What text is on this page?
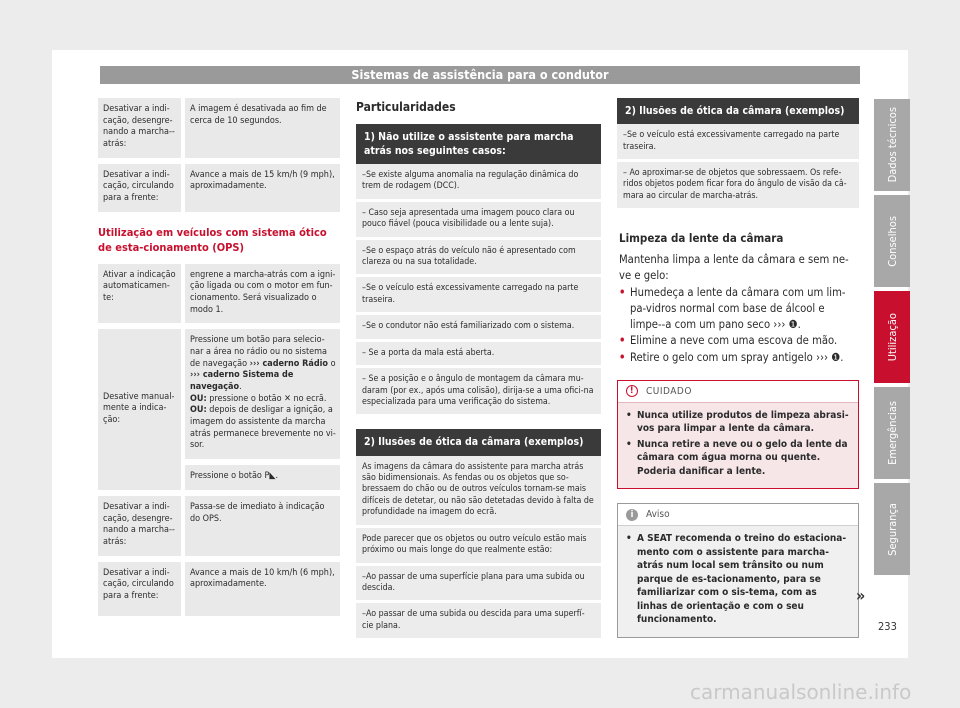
Sistemas de assistência para o condutor
Desativar a indi-cação, desengre-nando a marcha--atrás:	A imagem é desativada ao fim de cerca de 10 segundos.
Desativar a indi-cação, circulando para a frente:	Avance a mais de 15 km/h (9 mph), aproximadamente.
Utilização em veículos com sistema ótico de esta-cionamento (OPS)
Ativar a indicação automaticamen-te:	engrene a marcha-atrás com a igni-ção ligada ou com o motor em fun-cionamento. Será visualizado o modo 1.
Desative manual-mente a indica-ção:	Pressione um botão para selecio-nar a área no rádio ou no sistema de navegação ››› caderno Rádio o ››› caderno Sistema de navegação.
OU: pressione o botão ✕ no ecrã.
OU: depois de desligar a ignição, a imagem do assistente da marcha atrás permanece brevemente no vi-sor.
	Pressione o botão P◣.
Desativar a indi-cação, desengre-nando a marcha--atrás:	Passa-se de imediato à indicação do OPS.
Desativar a indi-cação, circulando para a frente:	Avance a mais de 10 km/h (6 mph), aproximadamente.
Particularidades
1) Não utilize o assistente para marcha atrás nos seguintes casos:
–Se existe alguma anomalia na regulação dinâmica do trem de rodagem (DCC).
– Caso seja apresentada uma imagem pouco clara ou pouco fiável (pouca visibilidade ou a lente suja).
–Se o espaço atrás do veículo não é apresentado com clareza ou na sua totalidade.
–Se o veículo está excessivamente carregado na parte traseira.
–Se o condutor não está familiarizado com o sistema.
– Se a porta da mala está aberta.
– Se a posição e o ângulo de montagem da câmara mu-daram (por ex., após uma colisão), dirija-se a uma ofici-na especializada para uma verificação do sistema.
2) Ilusões de ótica da câmara (exemplos)
As imagens da câmara do assistente para marcha atrás são bidimensionais. As fendas ou os objetos que so-bressaem do chão ou de outros veículos tornam-se mais difíceis de detetar, ou não são detetadas devido à falta de profundidade na imagem do ecrã.
Pode parecer que os objetos ou outro veículo estão mais próximo ou mais longe do que realmente estão:
–Ao passar de uma superfície plana para uma subida ou descida.
–Ao passar de uma subida ou descida para uma superfí-cie plana.
2) Ilusões de ótica da câmara (exemplos)
–Se o veículo está excessivamente carregado na parte traseira.
– Ao aproximar-se de objetos que sobressaem. Os refe-ridos objetos podem ficar fora do ângulo de visão da câ-mara ao circular de marcha-atrás.
Limpeza da lente da câmara
Mantenha limpa a lente da câmara e sem ne-ve e gelo:
• Humedeça a lente da câmara com um lim-pa-vidros normal com base de álcool e limpe--a com um pano seco ››› ❶.
• Elimine a neve com uma escova de mão.
• Retire o gelo com um spray antigelo ››› ❶.
!	CUIDADO
• Nunca utilize produtos de limpeza abrasi-vos para limpar a lente da câmara.
• Nunca retire a neve ou o gelo da lente da câmara com água morna ou quente. Poderia danificar a lente.
i	Aviso
• A SEAT recomenda o treino do estaciona-mento com o assistente para marcha-atrás num local sem trânsito ou num parque de es-tacionamento, para se familiarizar com o sis-tema, com as linhas de orientação e com o seu funcionamento.
»
Dados técnicos
Conselhos
Utilização
Emergências
Segurança
233
carmanualsonline.info
